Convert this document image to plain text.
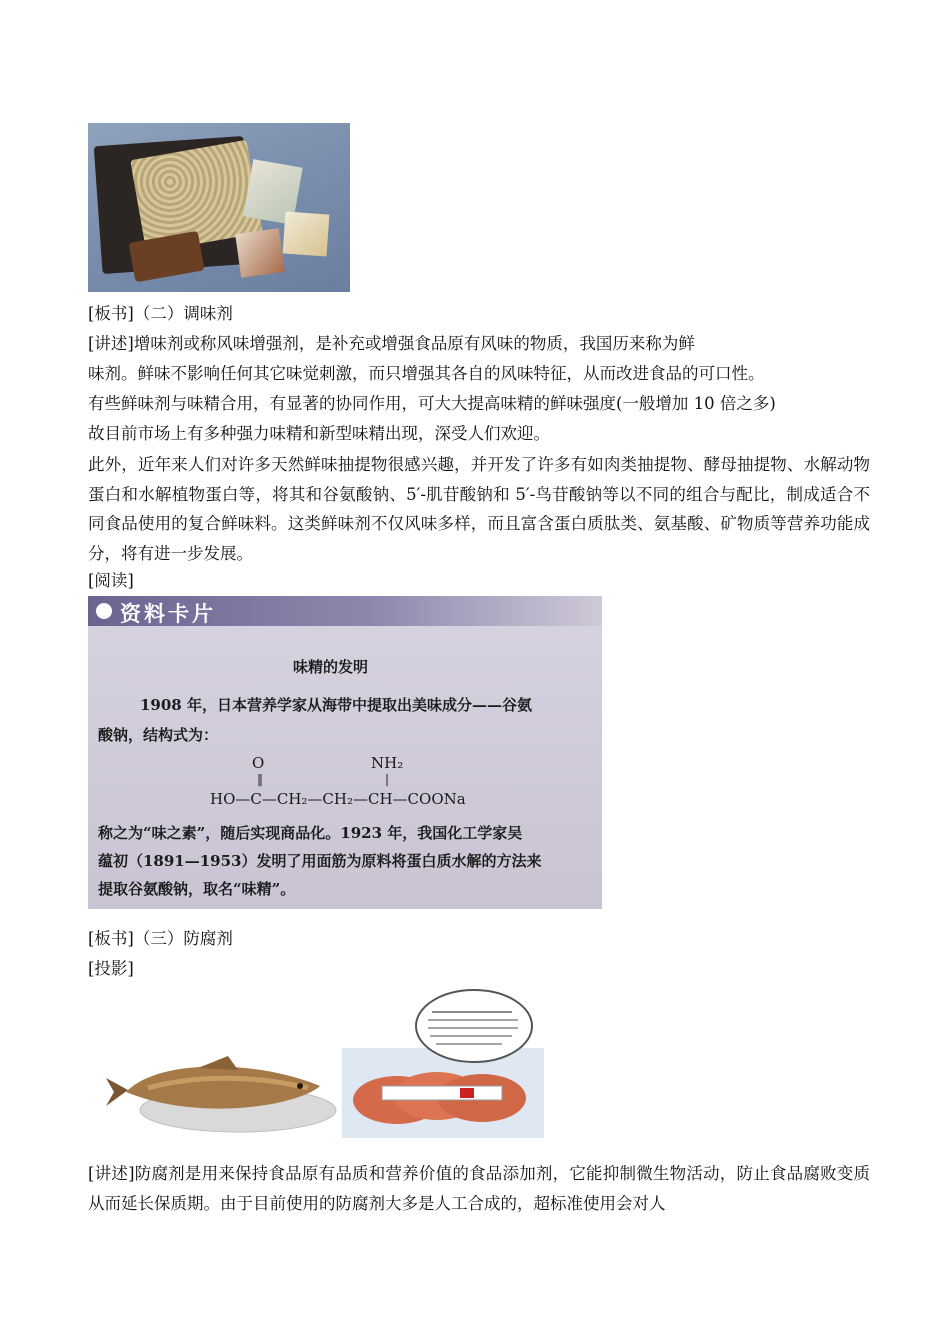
[板书]（二）调味剂
[讲述]增味剂或称风味增强剂，是补充或增强食品原有风味的物质，我国历来称为鲜
味剂。鲜味不影响任何其它味觉刺激，而只增强其各自的风味特征，从而改进食品的可口性。
有些鲜味剂与味精合用，有显著的协同作用，可大大提高味精的鲜味强度(一般增加 10 倍之多)
故目前市场上有多种强力味精和新型味精出现，深受人们欢迎。
此外，近年来人们对许多天然鲜味抽提物很感兴趣，并开发了许多有如肉类抽提物、酵母抽提物、水解动物蛋白和水解植物蛋白等，将其和谷氨酸钠、5′-肌苷酸钠和 5′-鸟苷酸钠等以不同的组合与配比，制成适合不同食品使用的复合鲜味料。这类鲜味剂不仅风味多样，而且富含蛋白质肽类、氨基酸、矿物质等营养功能成分，将有进一步发展。
[阅读]
资料卡片
味精的发明
1908 年，日本营养学家从海带中提取出美味成分——谷氨
酸钠，结构式为：
O	NH₂
‖	|
HO—C—CH₂—CH₂—CH—COONa
称之为“味之素”，随后实现商品化。1923 年，我国化工学家吴
蕴初（1891—1953）发明了用面筋为原料将蛋白质水解的方法来
提取谷氨酸钠，取名“味精”。
[板书]（三）防腐剂
[投影]
[讲述]防腐剂是用来保持食品原有品质和营养价值的食品添加剂，它能抑制微生物活动，防止食品腐败变质从而延长保质期。由于目前使用的防腐剂大多是人工合成的，超标准使用会对人
